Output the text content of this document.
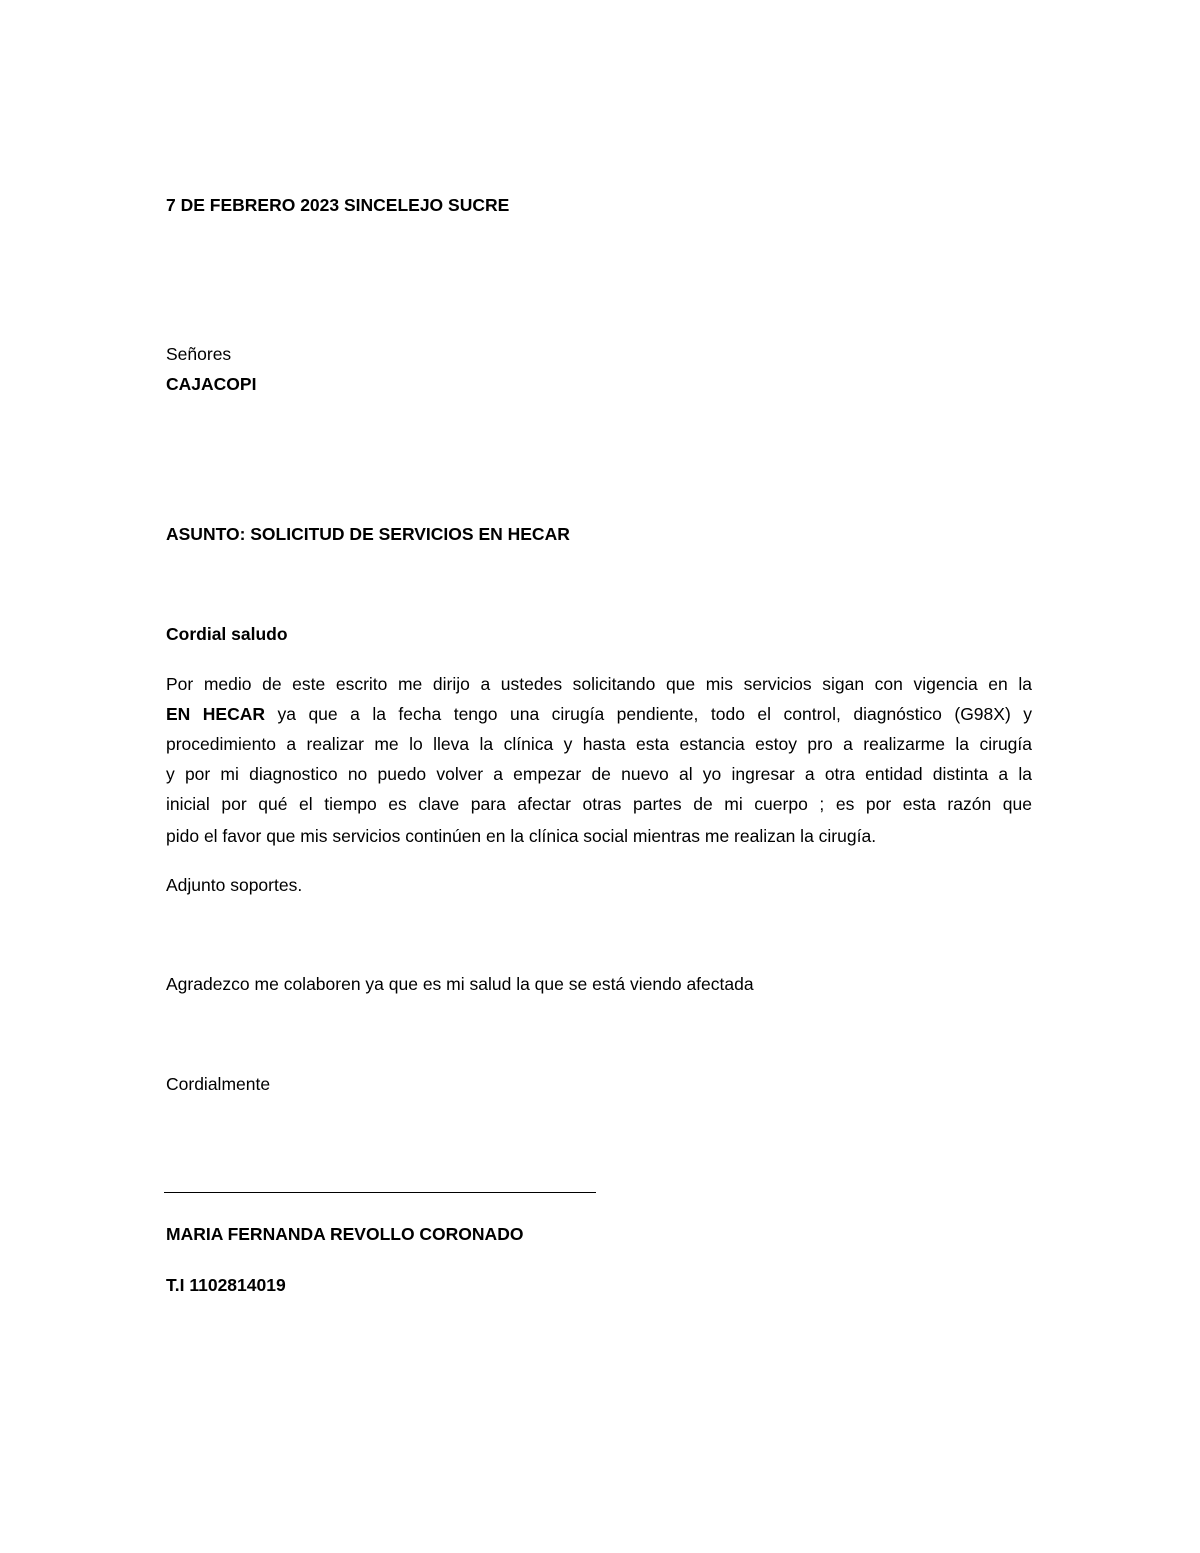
7 DE FEBRERO 2023 SINCELEJO SUCRE
Señores
CAJACOPI
ASUNTO: SOLICITUD DE SERVICIOS EN HECAR
Cordial saludo
Por medio de este escrito me dirijo a ustedes solicitando que mis servicios sigan con vigencia en la
EN HECAR ya que a la fecha tengo una cirugía pendiente, todo el control, diagnóstico (G98X) y
procedimiento a realizar me lo lleva la clínica y hasta esta estancia estoy pro a realizarme la cirugía
y por mi diagnostico no puedo volver a empezar de nuevo al yo ingresar a otra entidad distinta a la
inicial por qué el tiempo es clave para afectar otras partes de mi cuerpo ; es por esta razón que
pido el favor que mis servicios continúen en la clínica social mientras me realizan la cirugía.
Adjunto soportes.
Agradezco me colaboren ya que es mi salud la que se está viendo afectada
Cordialmente
MARIA FERNANDA REVOLLO CORONADO
T.I 1102814019
